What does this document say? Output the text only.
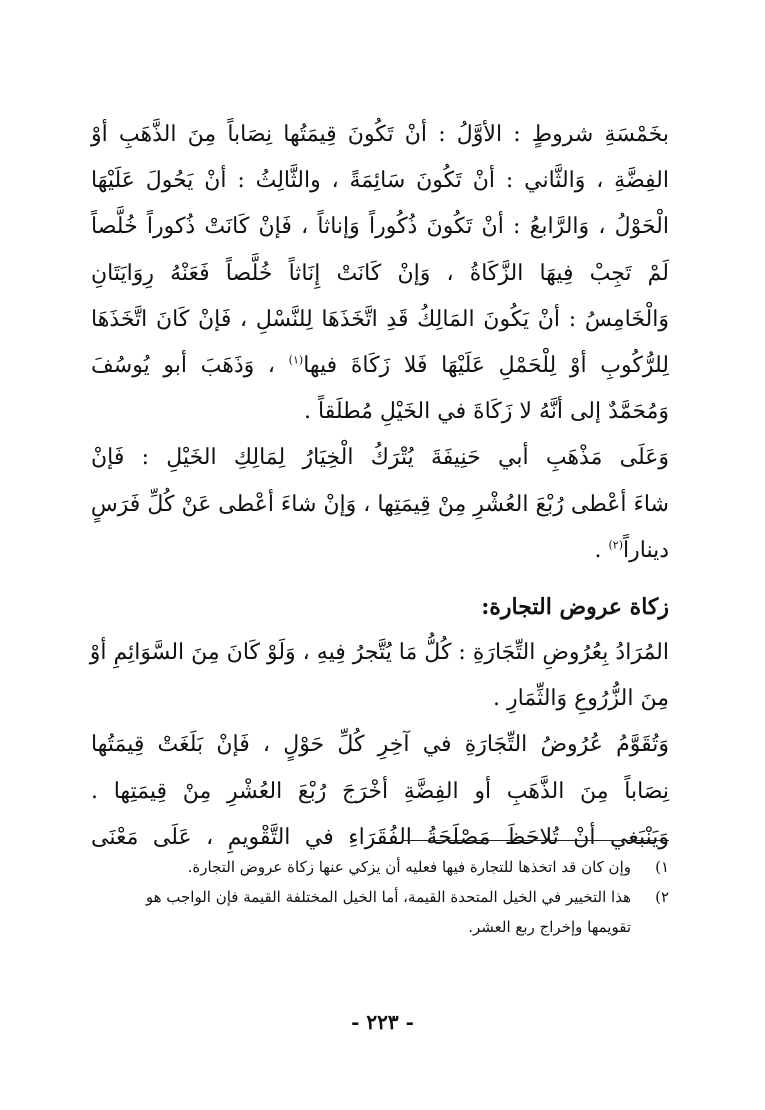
بخَمْسَةِ شروطٍ : الأوَّلُ : أنْ تَكُونَ قِيمَتُها نِصَاباً مِنَ الذَّهَبِ أوْ
الفِضَّةِ ، وَالثَّاني : أنْ تَكُونَ سَائِمَةً ، والثَّالِثُ : أنْ يَحُولَ عَلَيْهَا
الْحَوْلُ ، وَالرَّابعُ : أنْ تَكُونَ ذُكُوراً وَإناثاً ، فَإنْ كَانَتْ ذُكوراً خُلَّصاً
لَمْ تَجِبْ فِيهَا الزَّكَاةُ ، وَإنْ كَانَتْ إِنَاثاً خُلَّصاً فَعَنْهُ رِوَايَتَانِ
وَالْخَامِسُ : أنْ يَكُونَ المَالِكُ قَدِ اتَّخَذَهَا لِلنَّسْلِ ، فَإنْ كَانَ اتَّخَذَهَا
لِلرُّكُوبِ أوْ لِلْحَمْلِ عَلَيْهَا فَلا زَكَاةَ فيها$^{(١)}$ ، وَذَهَبَ أبو يُوسُفَ
وَمُحَمَّدٌ إلى أنَّهُ لا زَكَاةَ في الخَيْلِ مُطلَقاً .
وَعَلَى مَذْهَبِ أبي حَنِيفَةَ يُتْرَكُ الْخِيَارُ لِمَالِكِ الخَيْلِ : فَإنْ
شاءَ أعْطى رُبْعَ العُشْرِ مِنْ قِيمَتِها ، وَإنْ شاءَ أعْطى عَنْ كُلِّ فَرَسٍ
ديناراً$^{(٢)}$ .
زكاة عروض التجارة:
المُرَادُ بِعُرُوضِ التِّجَارَةِ : كُلُّ مَا يُتَّجرُ فِيهِ ، وَلَوْ كَانَ مِنَ السَّوَائِمِ أوْ
مِنَ الزُّرُوعِ وَالثِّمَارِ .
وَتُقَوَّمُ عُرُوضُ التِّجَارَةِ في آخِرِ كُلِّ حَوْلٍ ، فَإنْ بَلَغَتْ قِيمَتُها
نِصَاباً مِنَ الذَّهَبِ أو الفِضَّةِ أخْرَجَ رُبْعَ العُشْرِ مِنْ قِيمَتِها .
وَيَنْبَغي أنْ تُلاحَظَ مَصْلَحَةُ الفُقَرَاءِ في التَّقْويمِ ، عَلَى مَعْنَى
١)
وإن كان قد اتخذها للتجارة فيها فعليه أن يزكي عنها زكاة عروض التجارة.
٢)
هذا التخيير في الخيل المتحدة القيمة، أما الخيل المختلفة القيمة فإن الواجب هو
تقويمها وإخراج ربع العشر.
- ٢٢٣ -
